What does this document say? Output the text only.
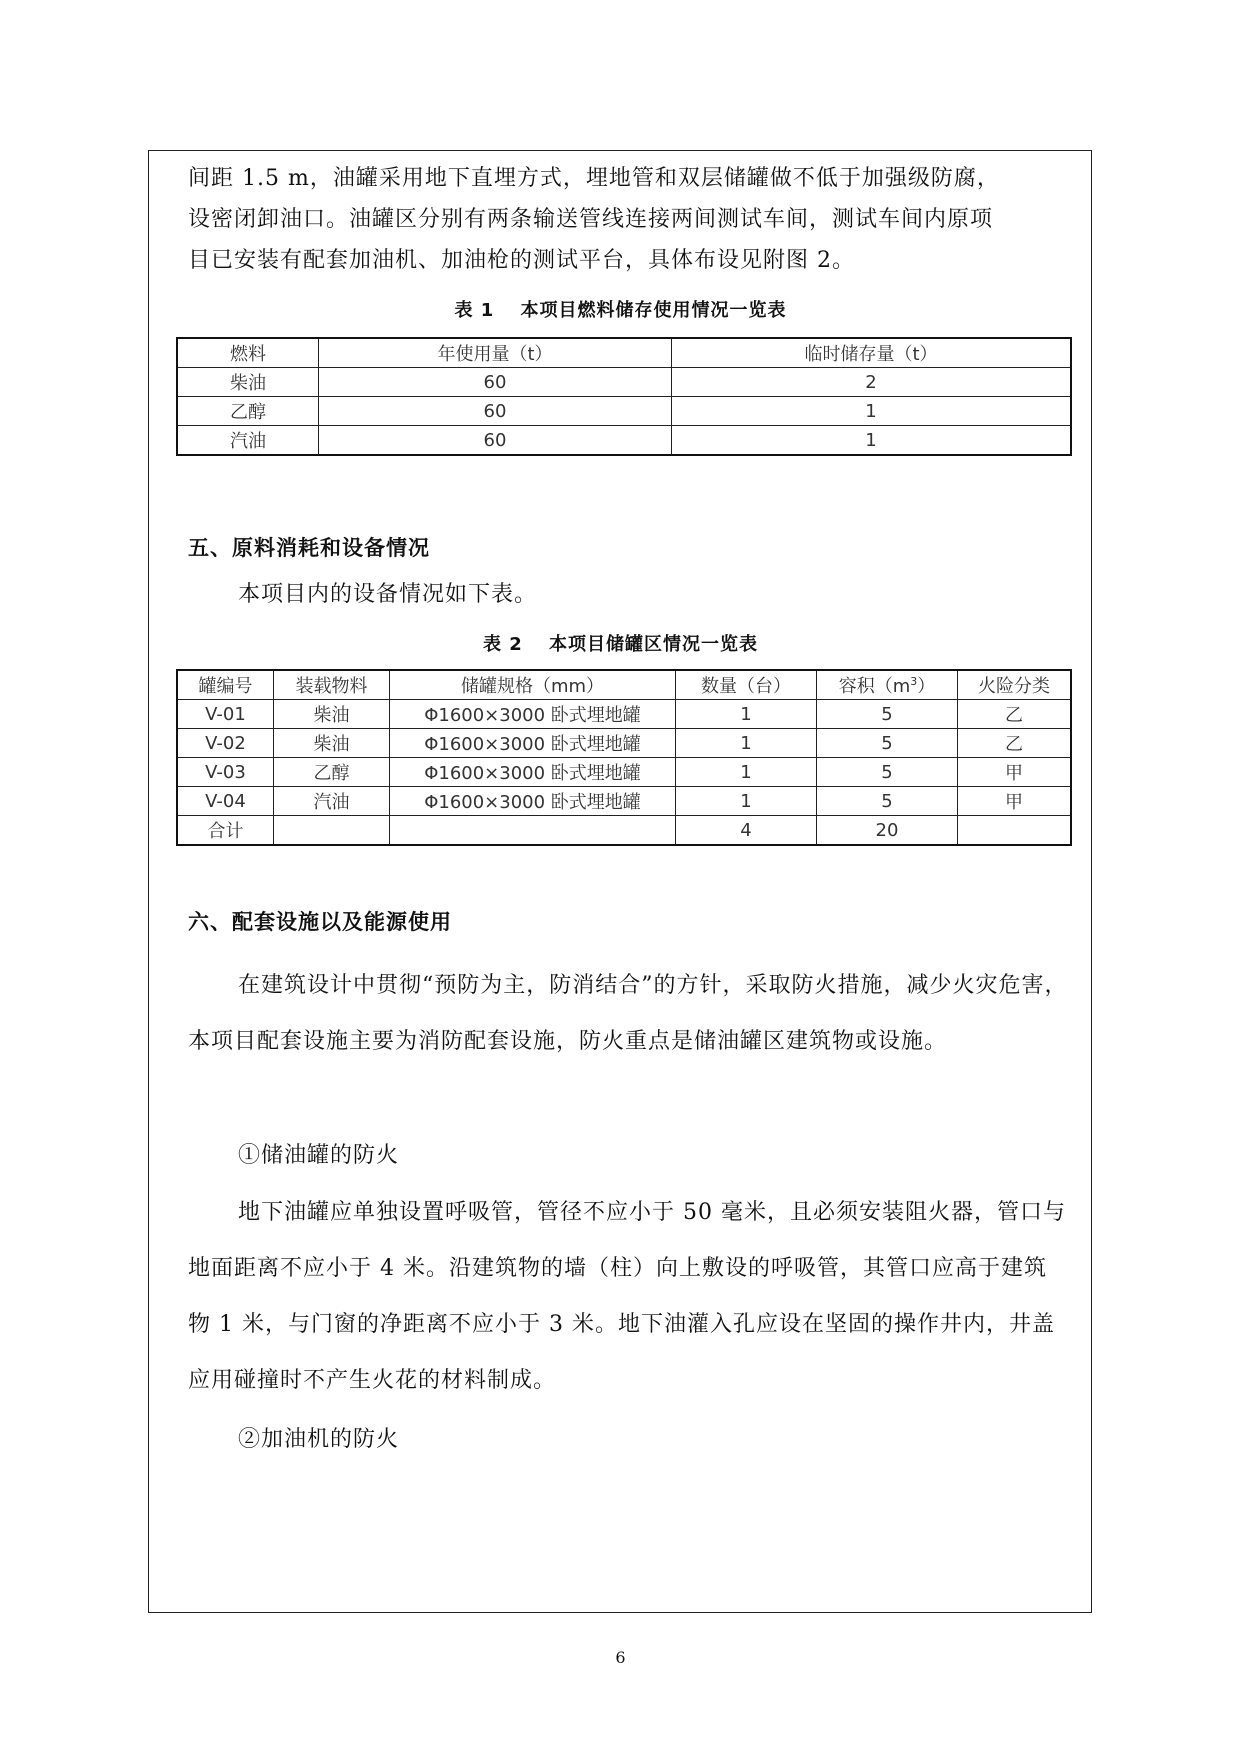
间距 1.5 m，油罐采用地下直埋方式，埋地管和双层储罐做不低于加强级防腐，
设密闭卸油口。油罐区分别有两条输送管线连接两间测试车间，测试车间内原项
目已安装有配套加油机、加油枪的测试平台，具体布设见附图 2。
表 1　 本项目燃料储存使用情况一览表
燃料	年使用量（t）	临时储存量（t）
柴油	60	2
乙醇	60	1
汽油	60	1
五、原料消耗和设备情况
本项目内的设备情况如下表。
表 2　 本项目储罐区情况一览表
罐编号	装载物料	储罐规格（mm）	数量（台）	容积$(m^3)$	火险分类
V-01	柴油	Φ1600×3000 卧式埋地罐	1	5	乙
V-02	柴油	Φ1600×3000 卧式埋地罐	1	5	乙
V-03	乙醇	Φ1600×3000 卧式埋地罐	1	5	甲
V-04	汽油	Φ1600×3000 卧式埋地罐	1	5	甲
合计			4	20	
六、配套设施以及能源使用
在建筑设计中贯彻“预防为主，防消结合”的方针，采取防火措施，减少火灾危害，本项目配套设施主要为消防配套设施，防火重点是储油罐区建筑物或设施。
①储油罐的防火
地下油罐应单独设置呼吸管，管径不应小于 50 毫米，且必须安装阻火器，管口与地面距离不应小于 4 米。沿建筑物的墙（柱）向上敷设的呼吸管，其管口应高于建筑物 1 米，与门窗的净距离不应小于 3 米。地下油灌入孔应设在坚固的操作井内，井盖应用碰撞时不产生火花的材料制成。
②加油机的防火
6
